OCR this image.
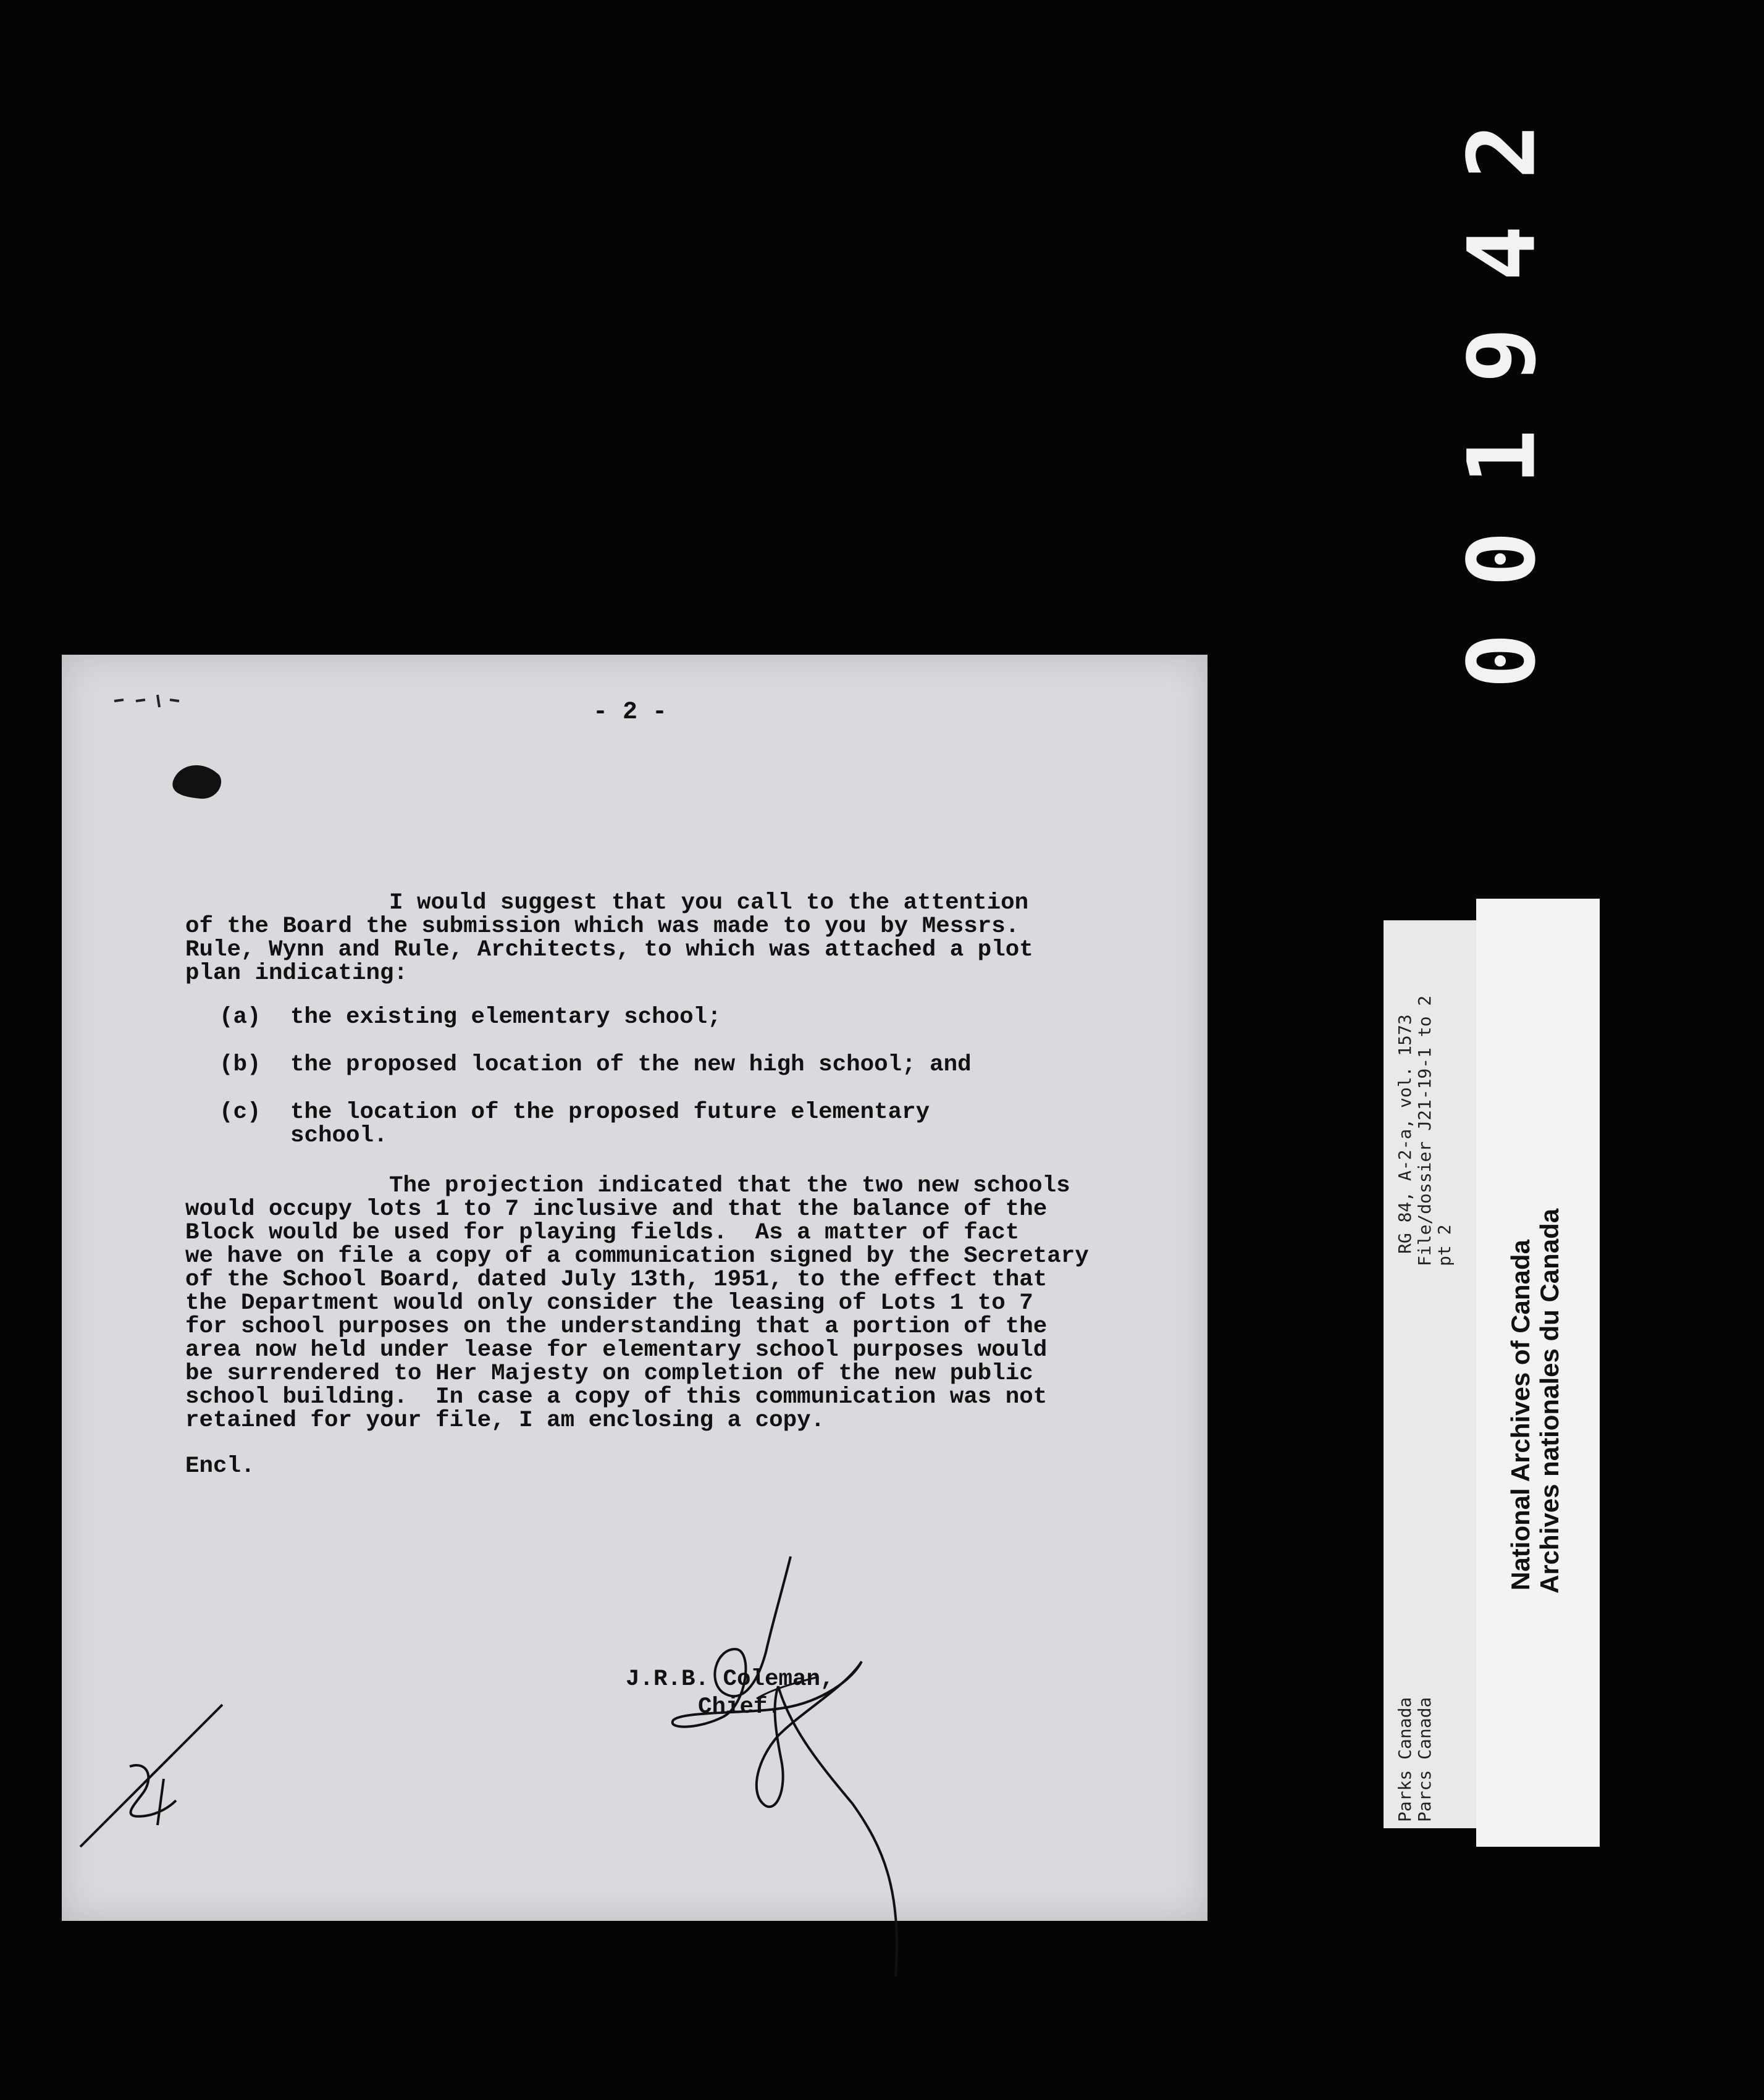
2
4
9
1
0
0
- 2 -
I would suggest that you call to the attention
of the Board the submission which was made to you by Messrs.
Rule, Wynn and Rule, Architects, to which was attached a plot
plan indicating:
(a) the existing elementary school;
(b) the proposed location of the new high school; and
(c) the location of the proposed future elementary
school.
The projection indicated that the two new schools
would occupy lots 1 to 7 inclusive and that the balance of the
Block would be used for playing fields.  As a matter of fact
we have on file a copy of a communication signed by the Secretary
of the School Board, dated July 13th, 1951, to the effect that
the Department would only consider the leasing of Lots 1 to 7
for school purposes on the understanding that a portion of the
area now held under lease for elementary school purposes would
be surrendered to Her Majesty on completion of the new public
school building.  In case a copy of this communication was not
retained for your file, I am enclosing a copy.
Encl.
J.R.B. Coleman,
Chief.
RG 84, A-2-a, vol. 1573 File/dossier J21-19-1 to 2 pt 2
Parks Canada Parcs Canada
National Archives of Canada Archives nationales du Canada
